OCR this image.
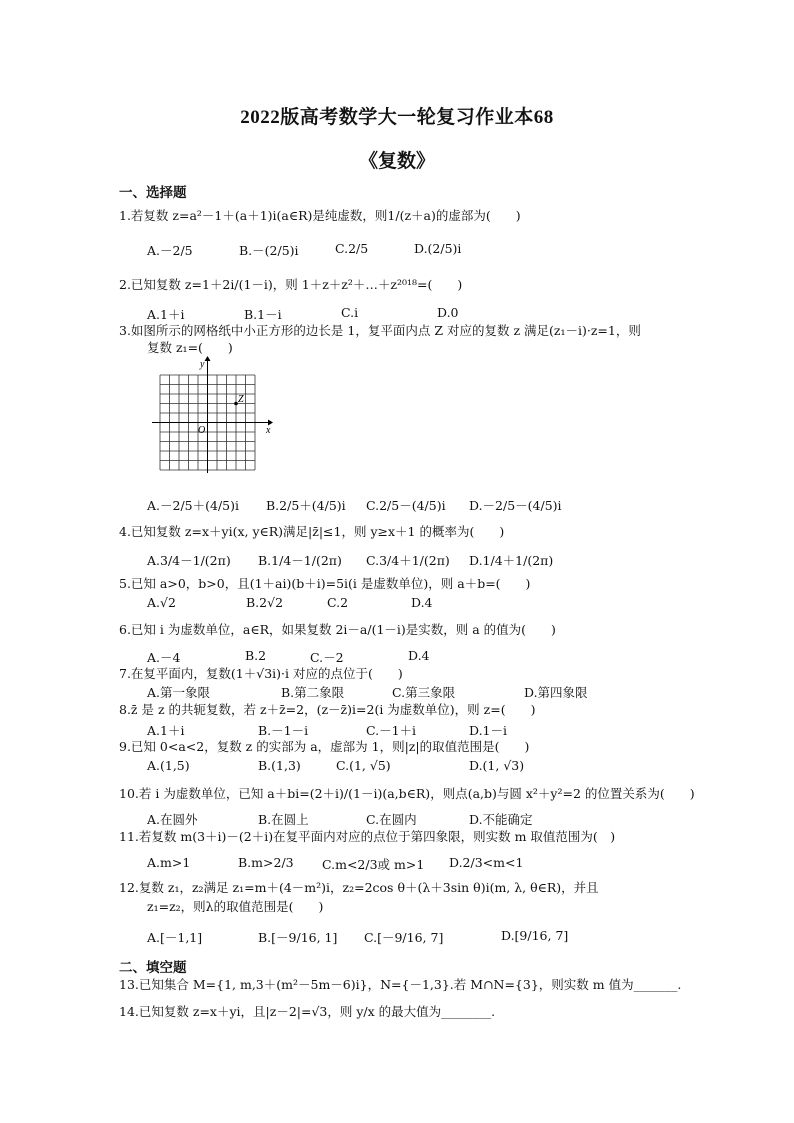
2022版高考数学大一轮复习作业本68
《复数》
一、选择题
1.若复数 z=a²－1＋(a＋1)i(a∈R)是纯虚数，则1/(z＋a)的虚部为(　　)
A.－2/5	B.－(2/5)i	C.2/5	D.(2/5)i
2.已知复数 z=1＋2i/(1－i)，则 1＋z＋z²＋…＋z²⁰¹⁸=(　　)
A.1＋i	B.1－i	C.i	D.0
3.如图所示的网格纸中小正方形的边长是 1，复平面内点 Z 对应的复数 z 满足(z₁－i)·z=1，则
复数 z₁=(　　)
y
x
O
Z
A.－2/5＋(4/5)i B.2/5＋(4/5)i C.2/5－(4/5)i D.－2/5－(4/5)i
4.已知复数 z=x＋yi(x, y∈R)满足|z̄|≤1，则 y≥x＋1 的概率为(　　)
A.3/4－1/(2π) B.1/4－1/(2π) C.3/4＋1/(2π) D.1/4＋1/(2π)
5.已知 a>0，b>0，且(1＋ai)(b＋i)=5i(i 是虚数单位)，则 a＋b=(　　)
A.√2	B.2√2	C.2	D.4
6.已知 i 为虚数单位，a∈R，如果复数 2i－a/(1－i)是实数，则 a 的值为(　　)
A.－4	B.2	C.－2	D.4
7.在复平面内，复数(1＋√3i)·i 对应的点位于(　　)
A.第一象限	B.第二象限	C.第三象限	D.第四象限
8.z̄ 是 z 的共轭复数，若 z＋z̄=2，(z－z̄)i=2(i 为虚数单位)，则 z=(　　)
A.1＋i	B.－1－i	C.－1＋i	D.1－i
9.已知 0<a<2，复数 z 的实部为 a，虚部为 1，则|z|的取值范围是(　　)
A.(1,5)	B.(1,3)	C.(1, √5)	D.(1, √3)
10.若 i 为虚数单位，已知 a＋bi=(2＋i)/(1－i)(a,b∈R)，则点(a,b)与圆 x²＋y²=2 的位置关系为(　　)
A.在圆外	B.在圆上	C.在圆内	D.不能确定
11.若复数 m(3＋i)－(2＋i)在复平面内对应的点位于第四象限，则实数 m 取值范围为(　)
A.m>1	B.m>2/3 C.m<2/3或 m>1 D.2/3<m<1
12.复数 z₁，z₂满足 z₁=m＋(4－m²)i，z₂=2cos θ＋(λ＋3sin θ)i(m, λ, θ∈R)，并且
z₁=z₂，则λ的取值范围是(　　)
A.[－1,1]	B.[－9/16, 1] C.[－9/16, 7]	D.[9/16, 7]
二、填空题
13.已知集合 M={1, m,3＋(m²－5m－6)i}，N={－1,3}.若 M∩N={3}，则实数 m 值为_______.
14.已知复数 z=x＋yi，且|z－2|=√3，则 y/x 的最大值为________.
